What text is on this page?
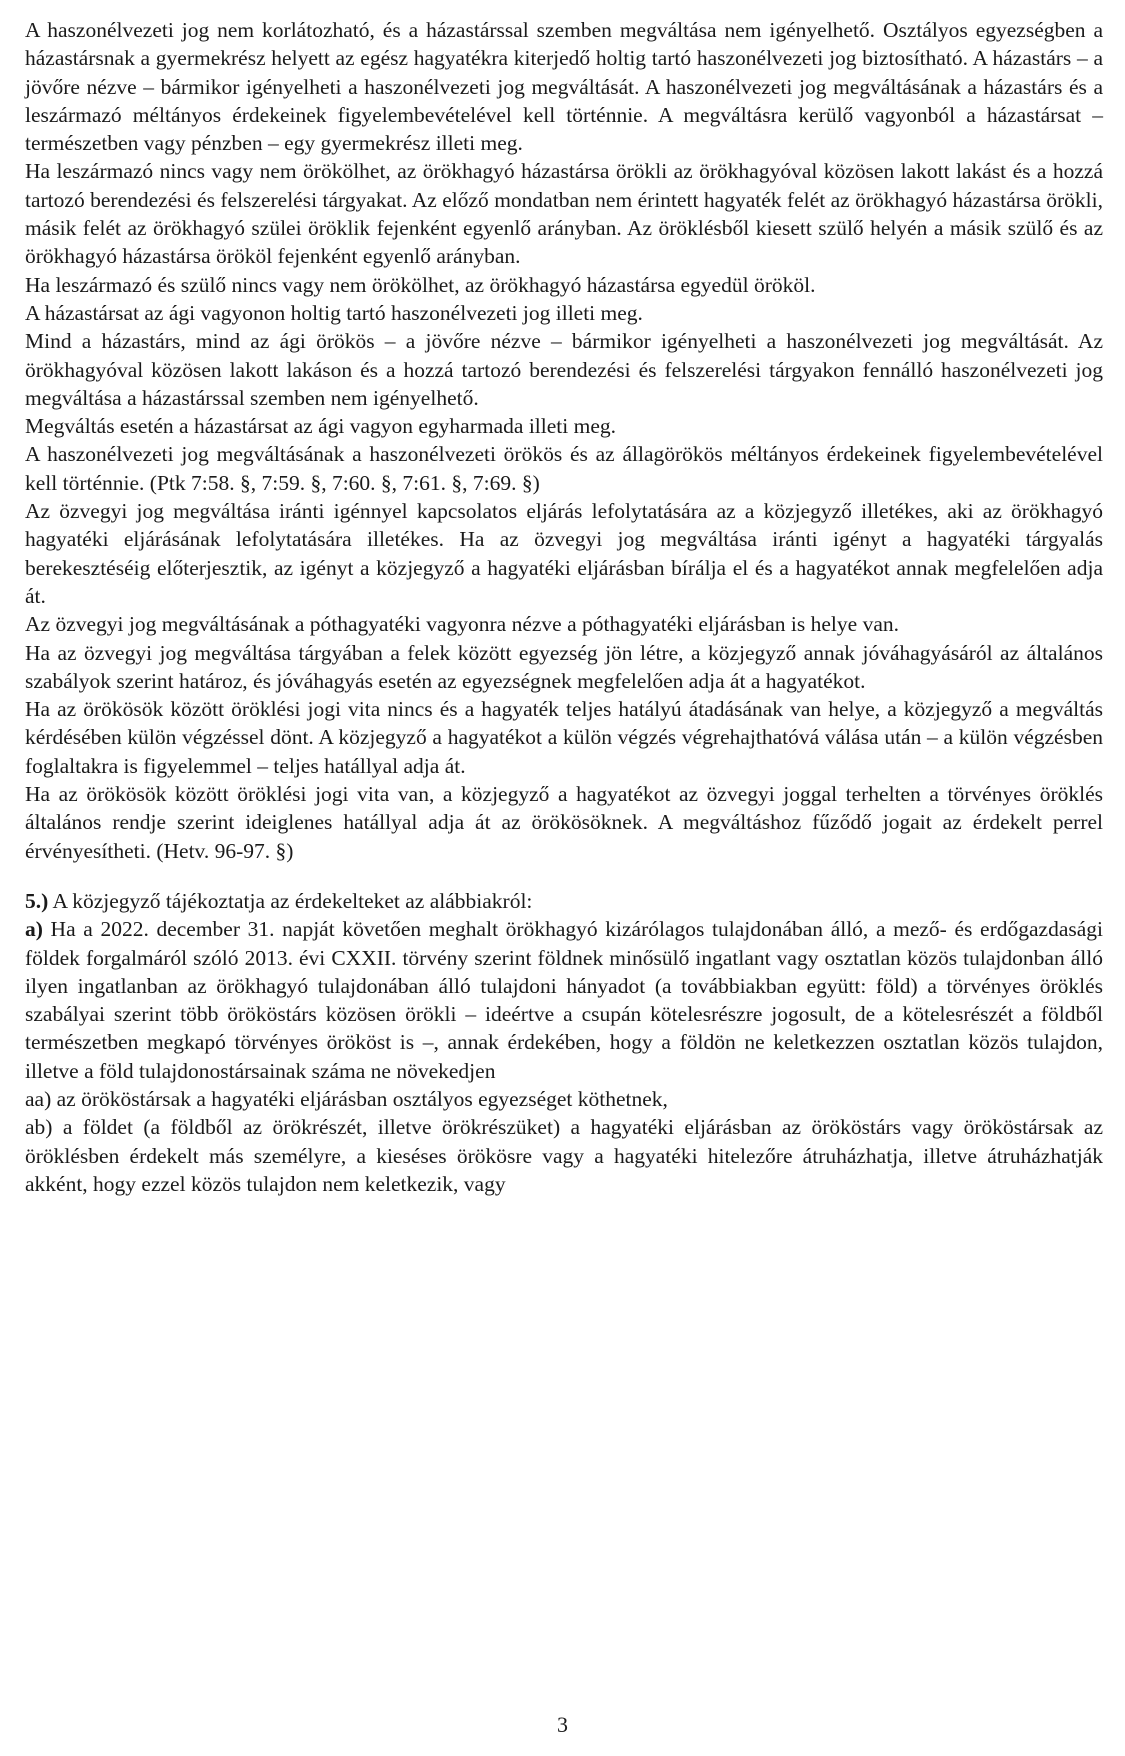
A haszonélvezeti jog nem korlátozható, és a házastárssal szemben megváltása nem igényelhető. Osztályos egyezségben a házastársnak a gyermekrész helyett az egész hagyatékra kiterjedő holtig tartó haszonélvezeti jog biztosítható. A házastárs – a jövőre nézve – bármikor igényelheti a haszonélvezeti jog megváltását. A haszonélvezeti jog megváltásának a házastárs és a leszármazó méltányos érdekeinek figyelembevételével kell történnie. A megváltásra kerülő vagyonból a házastársat – természetben vagy pénzben – egy gyermekrész illeti meg.

Ha leszármazó nincs vagy nem örökölhet, az örökhagyó házastársa örökli az örökhagyóval közösen lakott lakást és a hozzá tartozó berendezési és felszerelési tárgyakat. Az előző mondatban nem érintett hagyaték felét az örökhagyó házastársa örökli, másik felét az örökhagyó szülei öröklik fejenként egyenlő arányban. Az öröklésből kiesett szülő helyén a másik szülő és az örökhagyó házastársa örököl fejenként egyenlő arányban.

Ha leszármazó és szülő nincs vagy nem örökölhet, az örökhagyó házastársa egyedül örököl.

A házastársat az ági vagyonon holtig tartó haszonélvezeti jog illeti meg.

Mind a házastárs, mind az ági örökös – a jövőre nézve – bármikor igényelheti a haszonélvezeti jog megváltását. Az örökhagyóval közösen lakott lakáson és a hozzá tartozó berendezési és felszerelési tárgyakon fennálló haszonélvezeti jog megváltása a házastárssal szemben nem igényelhető.

Megváltás esetén a házastársat az ági vagyon egyharmada illeti meg.

A haszonélvezeti jog megváltásának a haszonélvezeti örökös és az állagörökös méltányos érdekeinek figyelembevételével kell történnie. (Ptk 7:58. §, 7:59. §, 7:60. §, 7:61. §, 7:69. §)

Az özvegyi jog megváltása iránti igénnyel kapcsolatos eljárás lefolytatására az a közjegyző illetékes, aki az örökhagyó hagyatéki eljárásának lefolytatására illetékes. Ha az özvegyi jog megváltása iránti igényt a hagyatéki tárgyalás berekesztéséig előterjesztik, az igényt a közjegyző a hagyatéki eljárásban bírálja el és a hagyatékot annak megfelelően adja át.

Az özvegyi jog megváltásának a póthagyatéki vagyonra nézve a póthagyatéki eljárásban is helye van.

Ha az özvegyi jog megváltása tárgyában a felek között egyezség jön létre, a közjegyző annak jóváhagyásáról az általános szabályok szerint határoz, és jóváhagyás esetén az egyezségnek megfelelően adja át a hagyatékot.

Ha az örökösök között öröklési jogi vita nincs és a hagyaték teljes hatályú átadásának van helye, a közjegyző a megváltás kérdésében külön végzéssel dönt. A közjegyző a hagyatékot a külön végzés végrehajthatóvá válása után – a külön végzésben foglaltakra is figyelemmel – teljes hatállyal adja át.

Ha az örökösök között öröklési jogi vita van, a közjegyző a hagyatékot az özvegyi joggal terhelten a törvényes öröklés általános rendje szerint ideiglenes hatállyal adja át az örökösöknek. A megváltáshoz fűződő jogait az érdekelt perrel érvényesítheti. (Hetv. 96-97. §)

5.) A közjegyző tájékoztatja az érdekelteket az alábbiakról:

a) Ha a 2022. december 31. napját követően meghalt örökhagyó kizárólagos tulajdonában álló, a mező- és erdőgazdasági földek forgalmáról szóló 2013. évi CXXII. törvény szerint földnek minősülő ingatlant vagy osztatlan közös tulajdonban álló ilyen ingatlanban az örökhagyó tulajdonában álló tulajdoni hányadot (a továbbiakban együtt: föld) a törvényes öröklés szabályai szerint több örököstárs közösen örökli – ideértve a csupán kötelesrészre jogosult, de a kötelesrészét a földből természetben megkapó törvényes örököst is –, annak érdekében, hogy a földön ne keletkezzen osztatlan közös tulajdon, illetve a föld tulajdonostársainak száma ne növekedjen

aa) az örököstársak a hagyatéki eljárásban osztályos egyezséget köthetnek,

ab) a földet (a földből az örökrészét, illetve örökrészüket) a hagyatéki eljárásban az örököstárs vagy örököstársak az öröklésben érdekelt más személyre, a kieséses örökösre vagy a hagyatéki hitelezőre átruházhatja, illetve átruházhatják akként, hogy ezzel közös tulajdon nem keletkezik, vagy

3
